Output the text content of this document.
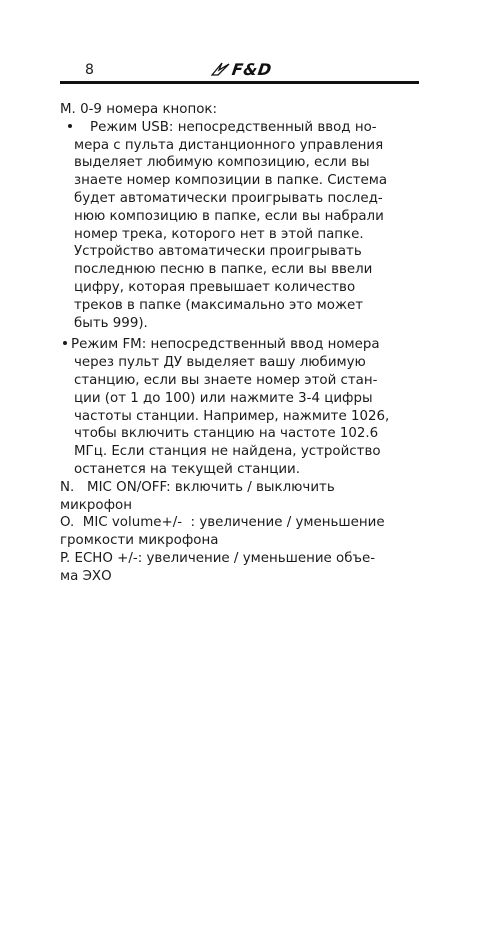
8	F&D
M. 0-9 номера кнопок:
Режим USB: непосредственный ввод но-
мера с пульта дистанционного управления
выделяет любимую композицию, если вы
знаете номер композиции в папке. Система
будет автоматически проигрывать послед-
нюю композицию в папке, если вы набрали
номер трека, которого нет в этой папке.
Устройство автоматически проигрывать
последнюю песню в папке, если вы ввели
цифру, которая превышает количество
треков в папке (максимально это может
быть 999).
Режим FM: непосредственный ввод номера
через пульт ДУ выделяет вашу любимую
станцию, если вы знаете номер этой стан-
ции (от 1 до 100) или нажмите 3-4 цифры
частоты станции. Например, нажмите 1026,
чтобы включить станцию на частоте 102.6
МГц. Если станция не найдена, устройство
останется на текущей станции.
N.   MIC ON/OFF: включить / выключить
микрофон
O.  MIC volume+/-  : увеличение / уменьшение
громкости микрофона
P. ECHO +/-: увеличение / уменьшение объе-
ма ЭХО
